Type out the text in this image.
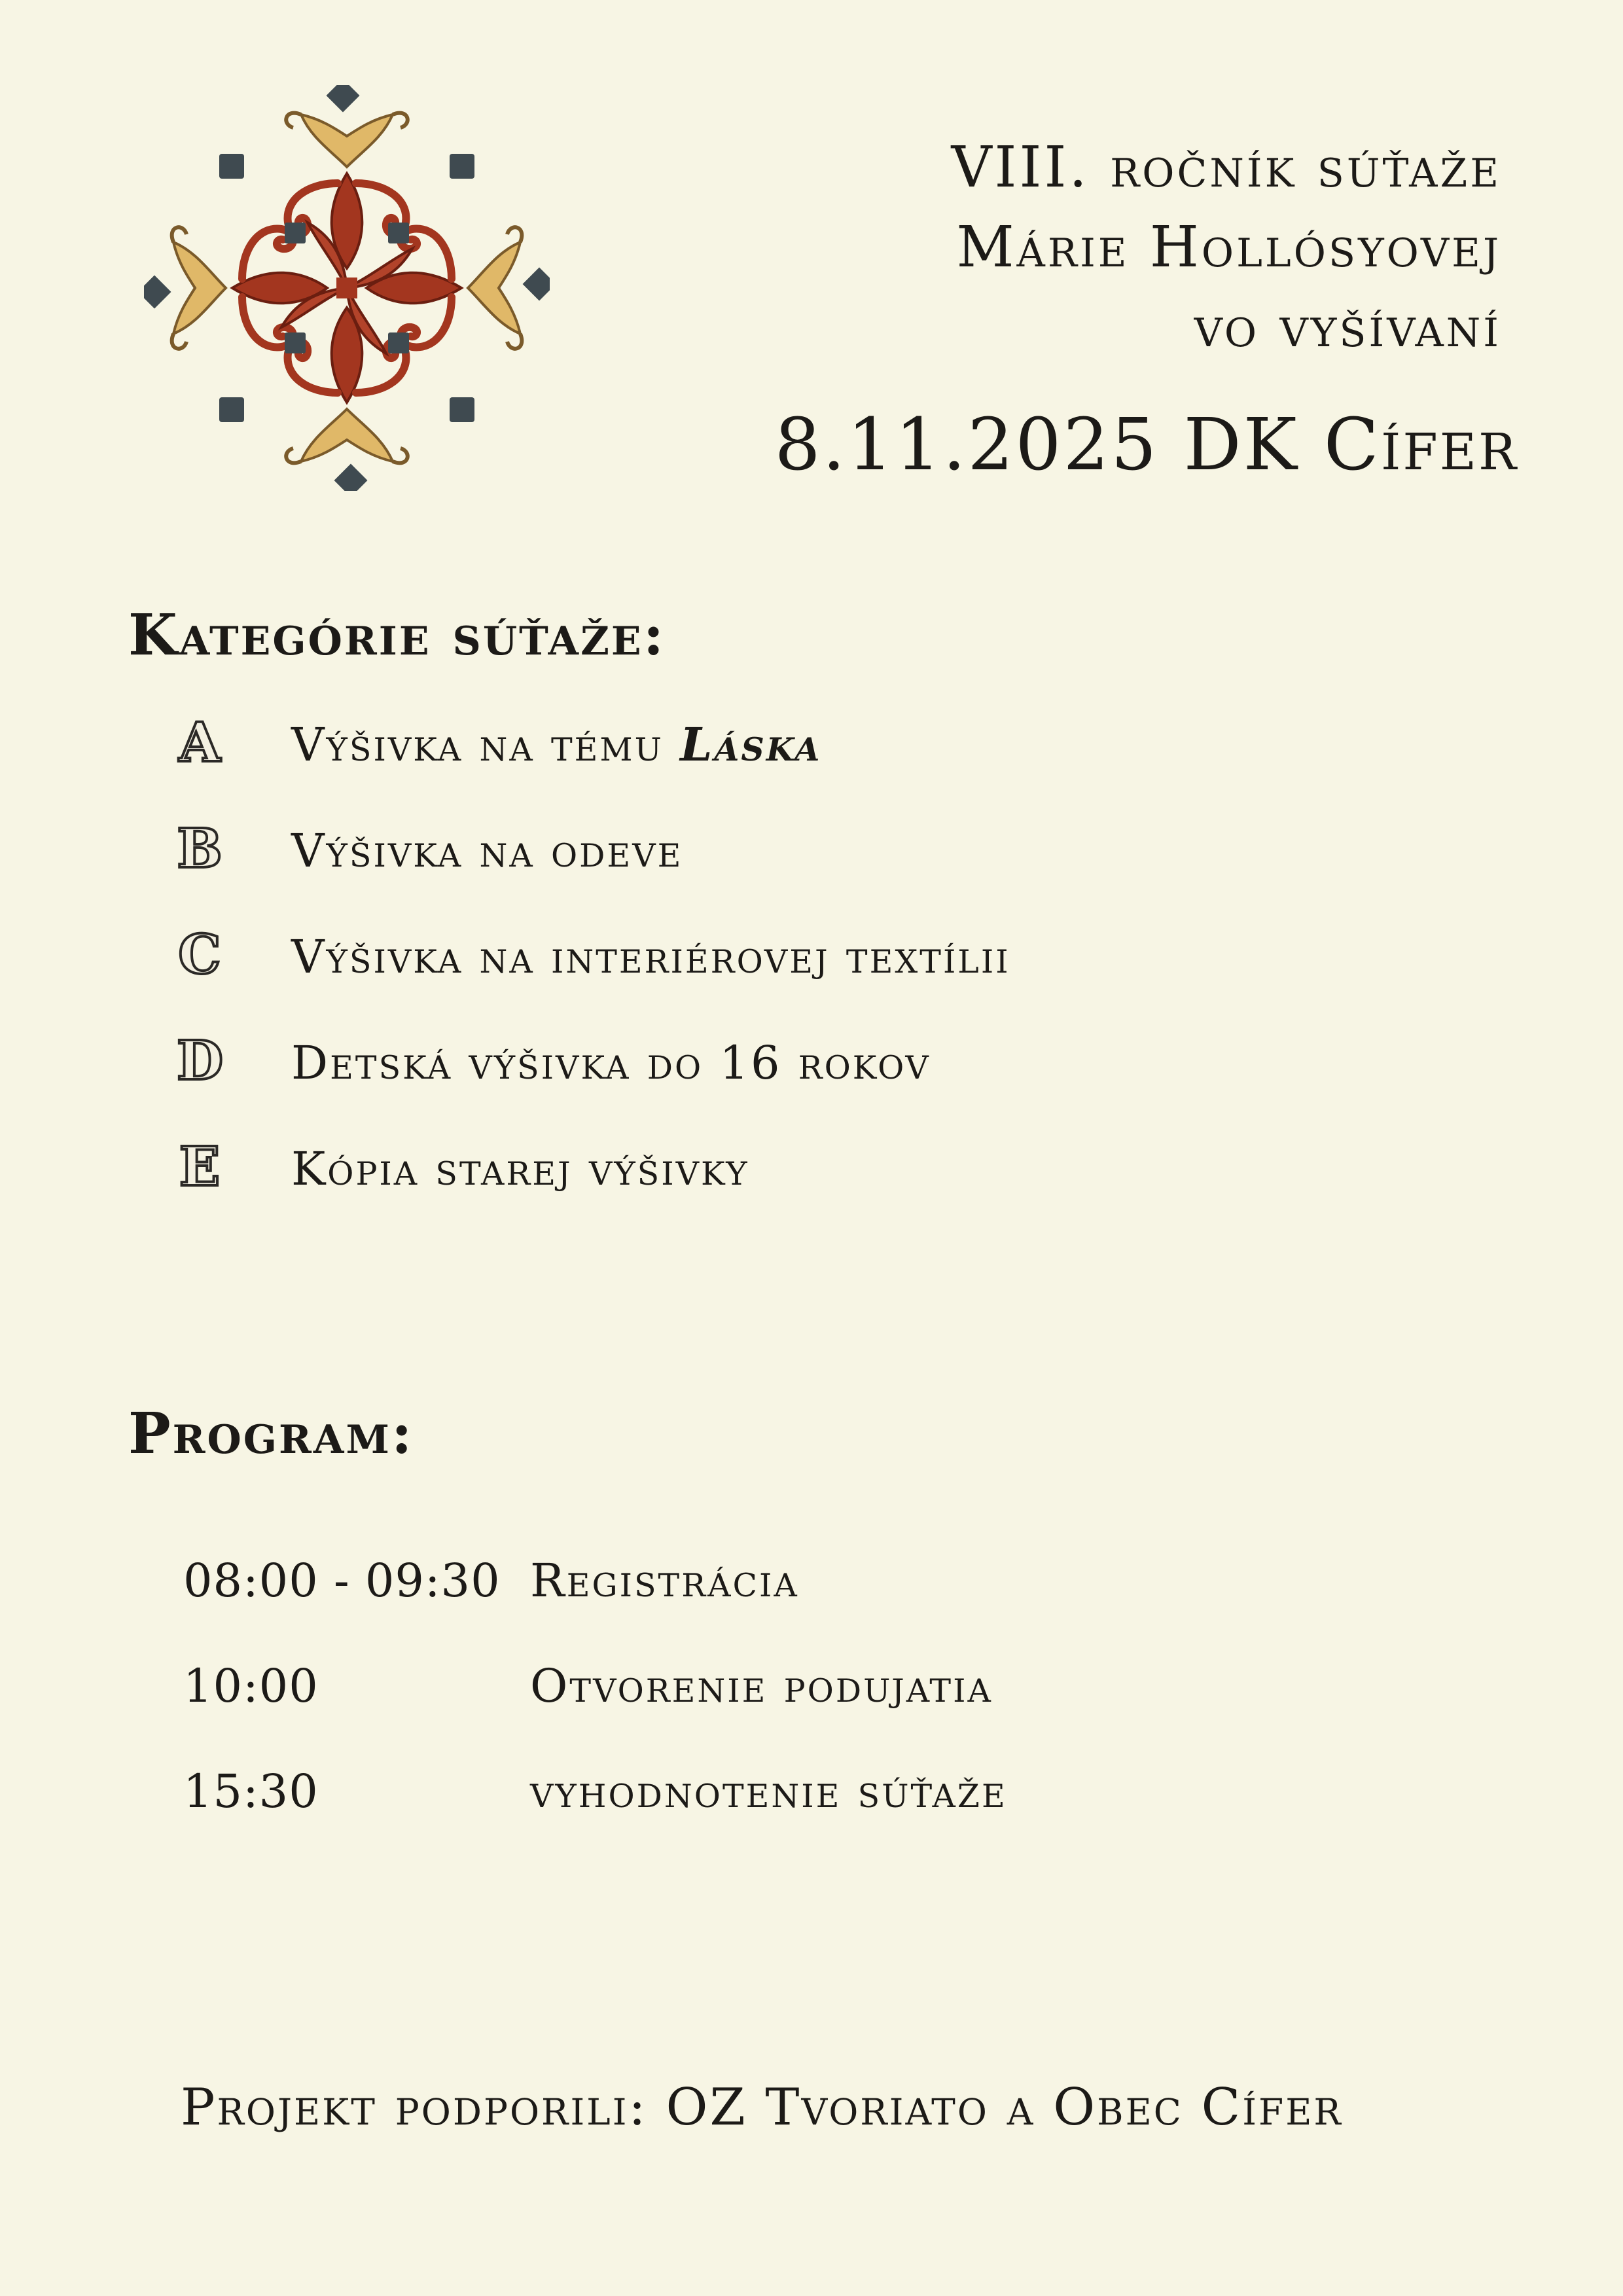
VIII. ročník súťaže
Márie Hollósyovej
vo vyšívaní
8.11.2025 DK Cífer
Kategórie súťaže:
A Výšivka na tému Láska
B Výšivka na odeve
C Výšivka na interiérovej textílii
D Detská výšivka do 16 rokov
E Kópia starej výšivky
Program:
08:00 - 09:30 Registrácia
10:00	Otvorenie podujatia
15:30	vyhodnotenie súťaže
Projekt podporili: OZ Tvoriato a Obec Cífer
